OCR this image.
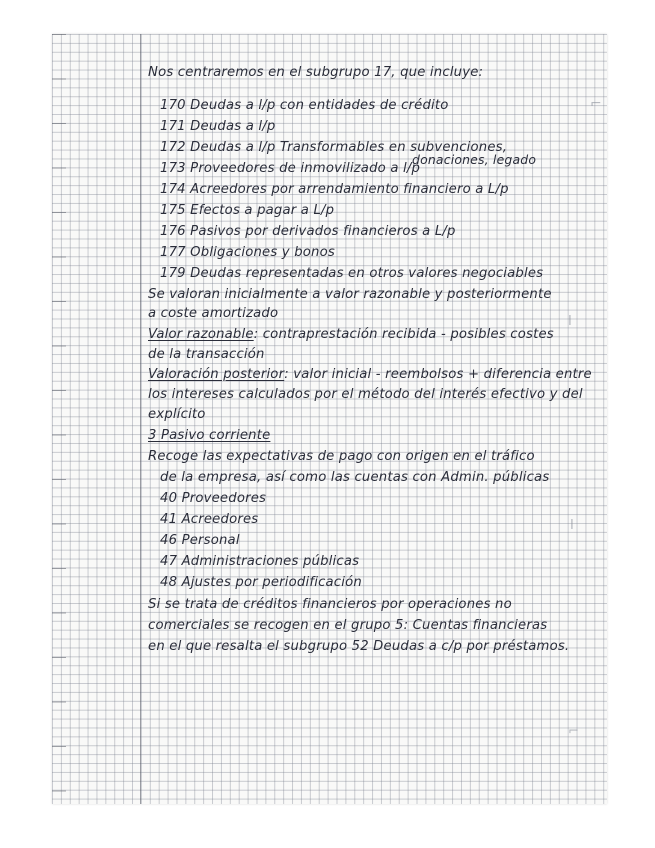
⌐
I
I
⌐
Nos centraremos en el subgrupo 17, que incluye:
170 Deudas a l/p con entidades de crédito
171 Deudas a l/p
172 Deudas a l/p Transformables en subvenciones,
173 Proveedores de inmovilizado a l/p
donaciones, legado
174 Acreedores por arrendamiento financiero a L/p
175 Efectos a pagar a L/p
176 Pasivos por derivados financieros a L/p
177 Obligaciones y bonos
179 Deudas representadas en otros valores negociables
Se valoran inicialmente a valor razonable y posteriormente
a coste amortizado
Valor razonable: contraprestación recibida - posibles costes
de la transacción
Valoración posterior: valor inicial - reembolsos + diferencia entre
los intereses calculados por el método del interés efectivo y del
explícito
3 Pasivo corriente
Recoge las expectativas de pago con origen en el tráfico
de la empresa, así como las cuentas con Admin. públicas
40 Proveedores
41 Acreedores
46 Personal
47 Administraciones públicas
48 Ajustes por periodificación
Si se trata de créditos financieros por operaciones no
comerciales se recogen en el grupo 5: Cuentas financieras
en el que resalta el subgrupo 52 Deudas a c/p por préstamos.
